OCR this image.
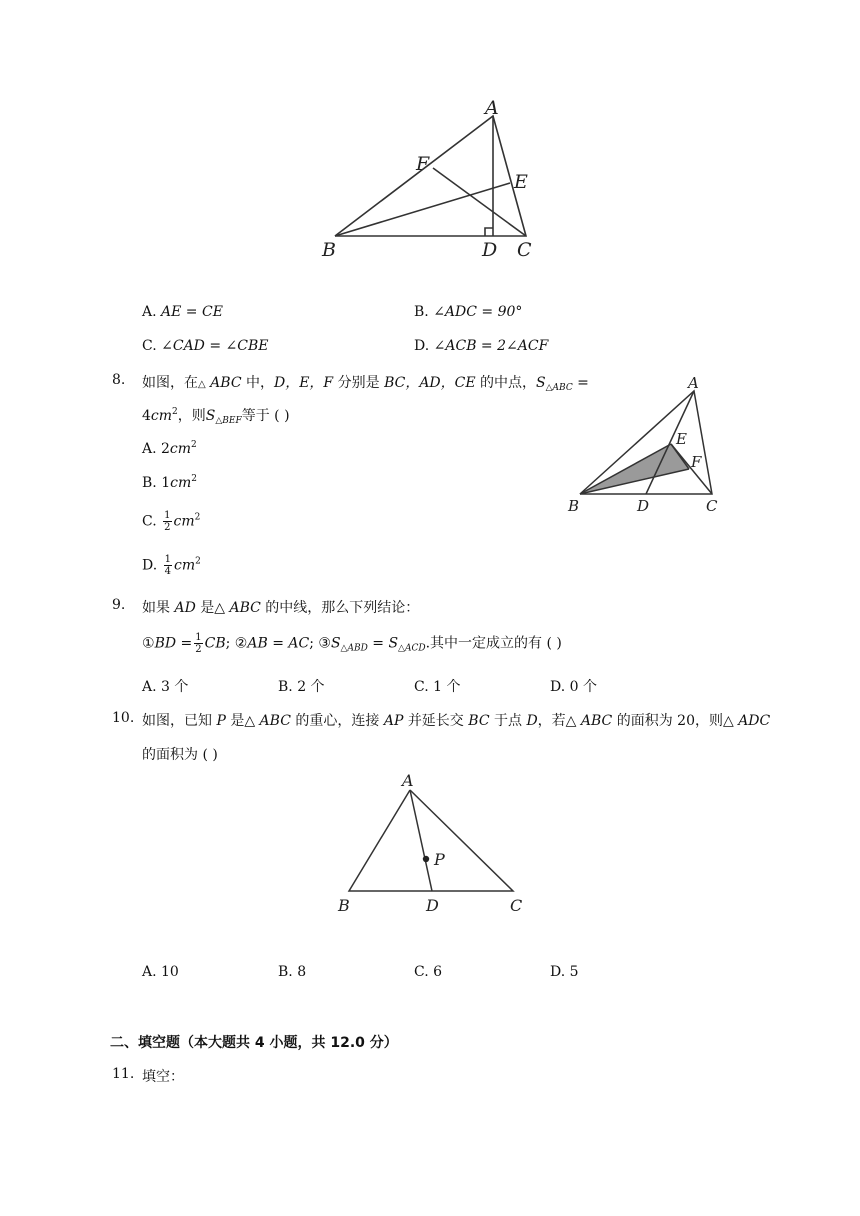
A
F
E
B	D C
A. AE = CE	B. ∠ADC = 90°
C. ∠CAD = ∠CBE	D. ∠ACB = 2∠ACF
8. 如图，在△ ABC 中，D，E，F 分别是 BC，AD，CE 的中点，$S_{\triangle ABC}$ =
$4cm^2$，则$S_{\triangle BEF}$等于 ( )
A. $2cm^2$
B. $1cm^2$
C. $\frac{1}{2} cm^2$
D. $\frac{1}{4} cm^2$
A
E
F
B	D	C
9. 如果 AD 是△ ABC 的中线，那么下列结论：
①BD = $\frac{1}{2}$ CB; ②AB = AC; $③S_{\triangle ABD} = S_{\triangle ACD}$.其中一定成立的有 ( )
A. 3 个	B. 2 个	C. 1 个	D. 0 个
10. 如图，已知 P 是△ ABC 的重心，连接 AP 并延长交 BC 于点 D，若△ ABC 的面积为 20，则△ ADC
的面积为 ( )
A
P
B	D	C
A. 10	B. 8	C. 6	D. 5
二、填空题（本大题共 4 小题，共 12.0 分）
11. 填空：
